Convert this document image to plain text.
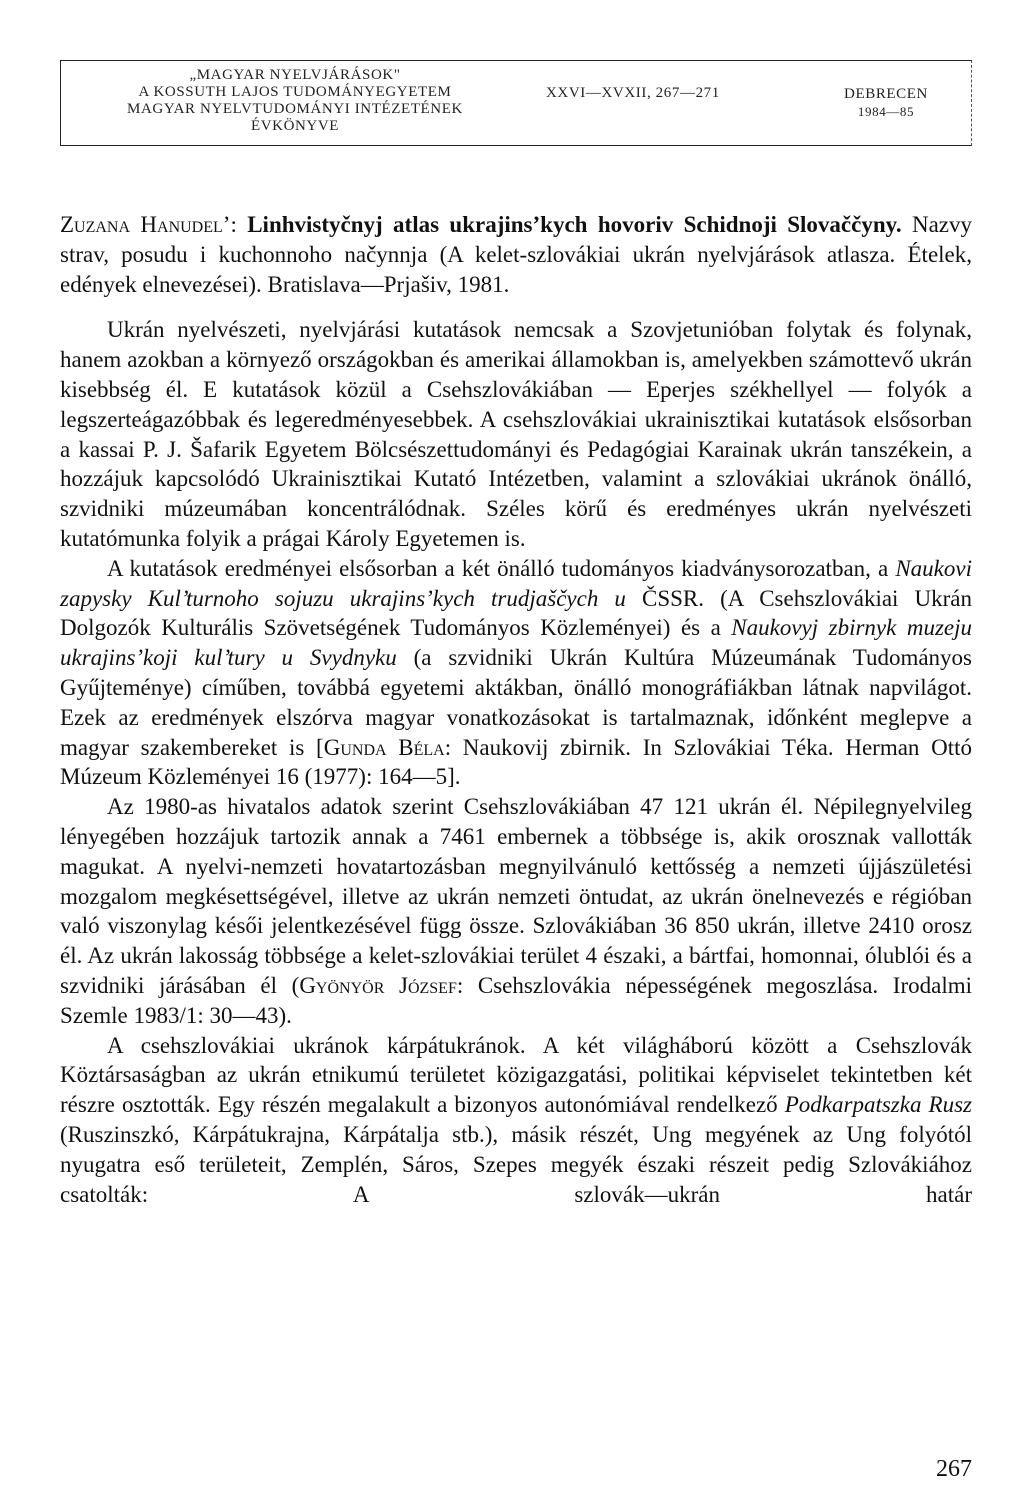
„MAGYAR NYELVJÁRÁSOK"
A KOSSUTH LAJOS TUDOMÁNYEGYETEM
MAGYAR NYELVTUDOMÁNYI INTÉZETÉNEK
ÉVKÖNYVE
XXVI—XVXII, 267—271	DEBRECEN
1984—85

Zuzana Hanudel’: Linhvistyčnyj atlas ukrajins’kych hovoriv Schidnoji Slovaččyny. Nazvy strav, posudu i kuchonnoho načynnja (A kelet-szlovákiai ukrán nyelvjárások atlasza. Ételek, edények elnevezései). Bratislava—Prjašiv, 1981.

Ukrán nyelvészeti, nyelvjárási kutatások nemcsak a Szovjetunióban folytak és folynak, hanem azokban a környező országokban és amerikai államokban is, amelyekben számottevő ukrán kisebbség él. E kutatások közül a Csehszlovákiában — Eperjes székhellyel — folyók a legszerteágazóbbak és legeredményesebbek. A csehszlovákiai ukrainisztikai kutatások elsősorban a kassai P. J. Šafarik Egyetem Bölcsészettudományi és Pedagógiai Karainak ukrán tanszékein, a hozzájuk kapcsolódó Ukrainisztikai Kutató Intézetben, valamint a szlovákiai ukránok önálló, szvidniki múzeumában koncentrálódnak. Széles körű és eredményes ukrán nyelvészeti kutatómunka folyik a prágai Károly Egyetemen is.

A kutatások eredményei elsősorban a két önálló tudományos kiadványsorozatban, a Naukovi zapysky Kul’turnoho sojuzu ukrajins’kych trudjaščych u ČSSR. (A Csehszlovákiai Ukrán Dolgozók Kulturális Szövetségének Tudományos Közleményei) és a Naukovyj zbirnyk muzeju ukrajins’koji kul’tury u Svydnyku (a szvidniki Ukrán Kultúra Múzeumának Tudományos Gyűjteménye) címűben, továbbá egyetemi aktákban, önálló monográfiákban látnak napvilágot. Ezek az eredmények elszórva magyar vonatkozásokat is tartalmaznak, időnként meglepve a magyar szakembereket is [Gunda Béla: Naukovij zbirnik. In Szlovákiai Téka. Herman Ottó Múzeum Közleményei 16 (1977): 164—5].

Az 1980-as hivatalos adatok szerint Csehszlovákiában 47 121 ukrán él. Népilegnyelvileg lényegében hozzájuk tartozik annak a 7461 embernek a többsége is, akik orosznak vallották magukat. A nyelvi-nemzeti hovatartozásban megnyilvánuló kettősség a nemzeti újjászületési mozgalom megkésettségével, illetve az ukrán nemzeti öntudat, az ukrán önelnevezés e régióban való viszonylag késői jelentkezésével függ össze. Szlovákiában 36 850 ukrán, illetve 2410 orosz él. Az ukrán lakosság többsége a kelet-szlovákiai terület 4 északi, a bártfai, homonnai, ólublói és a szvidniki járásában él (Gyönyör József: Csehszlovákia népességének megoszlása. Irodalmi Szemle 1983/1: 30—43).

A csehszlovákiai ukránok kárpátukránok. A két világháború között a Csehszlovák Köztársaságban az ukrán etnikumú területet közigazgatási, politikai képviselet tekintetben két részre osztották. Egy részén megalakult a bizonyos autonómiával rendelkező Podkarpatszka Rusz (Ruszinszkó, Kárpátukrajna, Kárpátalja stb.), másik részét, Ung megyének az Ung folyótól nyugatra eső területeit, Zemplén, Sáros, Szepes megyék északi részeit pedig Szlovákiához csatolták: A szlovák—ukrán határ

267
